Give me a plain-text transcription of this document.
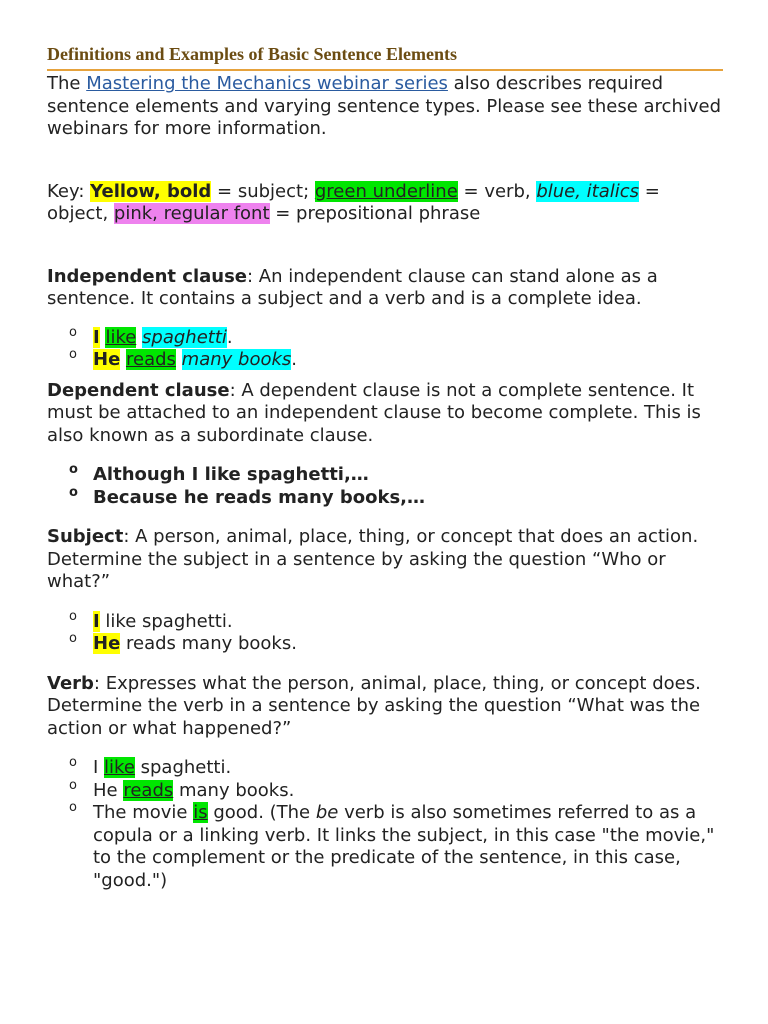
Definitions and Examples of Basic Sentence Elements

The Mastering the Mechanics webinar series also describes required sentence elements and varying sentence types. Please see these archived webinars for more information.

Key: Yellow, bold = subject; green underline = verb, blue, italics = object, pink, regular font = prepositional phrase

Independent clause: An independent clause can stand alone as a sentence. It contains a subject and a verb and is a complete idea.

o I like spaghetti.
o He reads many books.

Dependent clause: A dependent clause is not a complete sentence. It must be attached to an independent clause to become complete. This is also known as a subordinate clause.

o Although I like spaghetti,…
o Because he reads many books,…

Subject: A person, animal, place, thing, or concept that does an action. Determine the subject in a sentence by asking the question “Who or what?”

o I like spaghetti.
o He reads many books.

Verb: Expresses what the person, animal, place, thing, or concept does. Determine the verb in a sentence by asking the question “What was the action or what happened?”

o I like spaghetti.
o He reads many books.
o The movie is good. (The be verb is also sometimes referred to as a copula or a linking verb. It links the subject, in this case "the movie," to the complement or the predicate of the sentence, in this case, "good.")
